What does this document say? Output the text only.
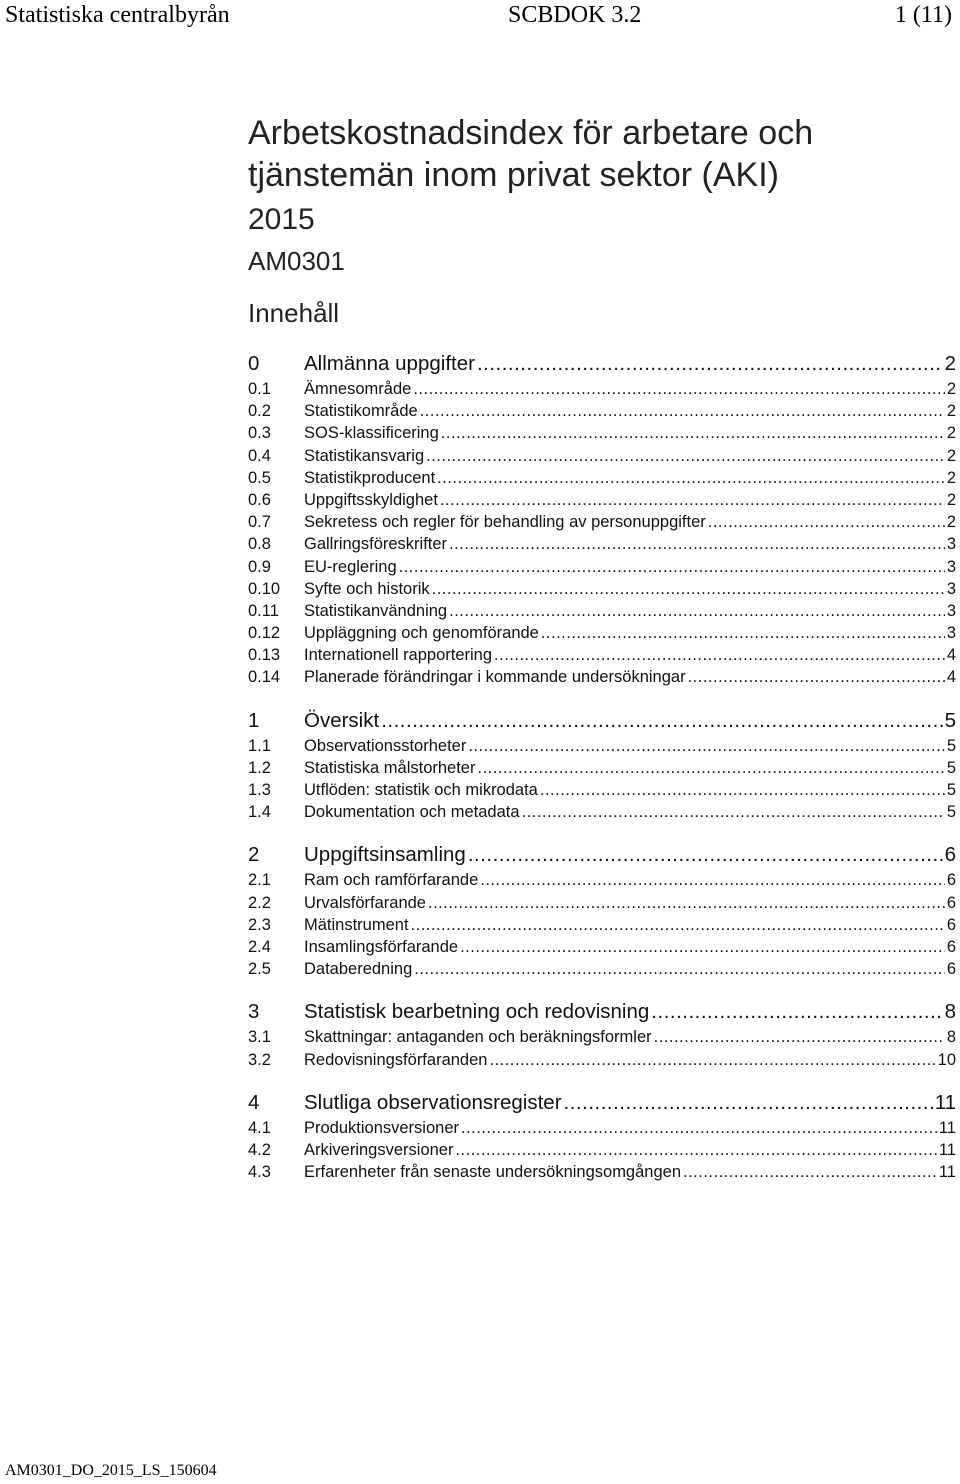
Statistiska centralbyrån	SCBDOK 3.2	1 (11)
Arbetskostnadsindex för arbetare och
tjänstemän inom privat sektor (AKI)
2015
AM0301
Innehåll
0	Allmänna uppgifter .....	2
0.1	Ämnesområde .....	2
0.2	Statistikområde .....	2
0.3	SOS-klassificering .....	2
0.4	Statistikansvarig .....	2
0.5	Statistikproducent .....	2
0.6	Uppgiftsskyldighet .....	2
0.7	Sekretess och regler för behandling av personuppgifter .....	2
0.8	Gallringsföreskrifter .....	3
0.9	EU-reglering .....	3
0.10	Syfte och historik .....	3
0.11	Statistikanvändning .....	3
0.12	Uppläggning och genomförande .....	3
0.13	Internationell rapportering .....	4
0.14	Planerade förändringar i kommande undersökningar .....	4
1	Översikt .....	5
1.1	Observationsstorheter .....	5
1.2	Statistiska målstorheter .....	5
1.3	Utflöden: statistik och mikrodata .....	5
1.4	Dokumentation och metadata .....	5
2	Uppgiftsinsamling .....	6
2.1	Ram och ramförfarande .....	6
2.2	Urvalsförfarande .....	6
2.3	Mätinstrument .....	6
2.4	Insamlingsförfarande .....	6
2.5	Databeredning .....	6
3	Statistisk bearbetning och redovisning .....	8
3.1	Skattningar: antaganden och beräkningsformler .....	8
3.2	Redovisningsförfaranden .....	10
4	Slutliga observationsregister .....	11
4.1	Produktionsversioner .....	11
4.2	Arkiveringsversioner .....	11
4.3	Erfarenheter från senaste undersökningsomgången .....	11
AM0301_DO_2015_LS_150604
